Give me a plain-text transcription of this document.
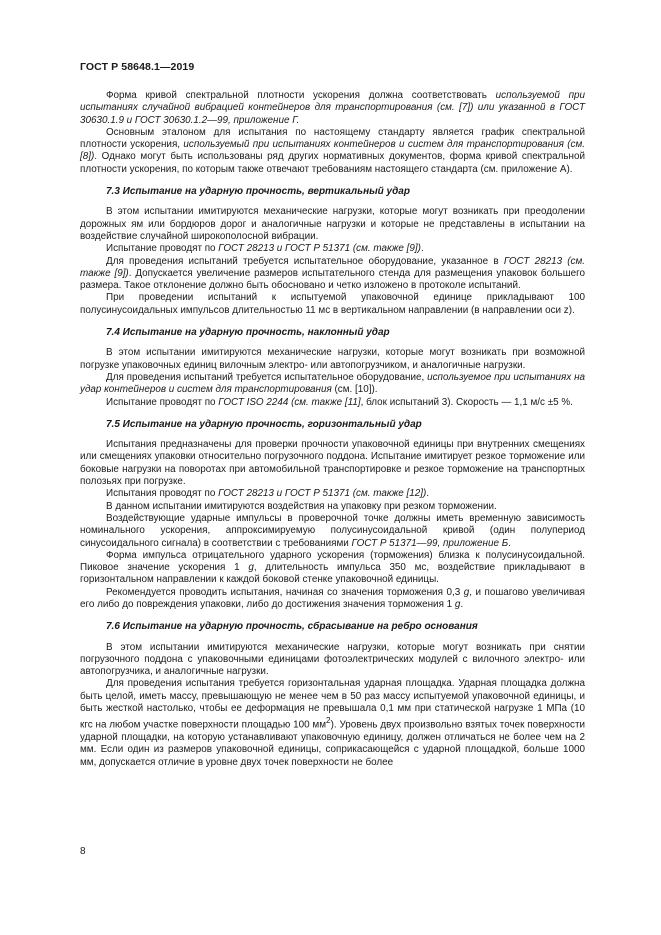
ГОСТ Р 58648.1—2019

Форма кривой спектральной плотности ускорения должна соответствовать используемой при испытаниях случайной вибрацией контейнеров для транспортирования (см. [7]) или указанной в ГОСТ 30630.1.9 и ГОСТ 30630.1.2—99, приложение Г.

Основным эталоном для испытания по настоящему стандарту является график спектральной плотности ускорения, используемый при испытаниях контейнеров и систем для транспортирования (см. [8]). Однако могут быть использованы ряд других нормативных документов, форма кривой спектральной плотности ускорения, по которым также отвечают требованиям настоящего стандарта (см. приложение А).

7.3 Испытание на ударную прочность, вертикальный удар

В этом испытании имитируются механические нагрузки, которые могут возникать при преодолении дорожных ям или бордюров дорог и аналогичные нагрузки и которые не представлены в испытании на воздействие случайной широкополосной вибрации.

Испытание проводят по ГОСТ 28213 и ГОСТ Р 51371 (см. также [9]).

Для проведения испытаний требуется испытательное оборудование, указанное в ГОСТ 28213 (см. также [9]). Допускается увеличение размеров испытательного стенда для размещения упаковок большего размера. Такое отклонение должно быть обосновано и четко изложено в протоколе испытаний.

При проведении испытаний к испытуемой упаковочной единице прикладывают 100 полусинусоидальных импульсов длительностью 11 мс в вертикальном направлении (в направлении оси z).

7.4 Испытание на ударную прочность, наклонный удар

В этом испытании имитируются механические нагрузки, которые могут возникать при возможной погрузке упаковочных единиц вилочным электро- или автопогрузчиком, и аналогичные нагрузки.

Для проведения испытаний требуется испытательное оборудование, используемое при испытаниях на удар контейнеров и систем для транспортирования (см. [10]).

Испытание проводят по ГОСТ ISO 2244 (см. также [11], блок испытаний 3). Скорость — 1,1 м/с ±5 %.

7.5 Испытание на ударную прочность, горизонтальный удар

Испытания предназначены для проверки прочности упаковочной единицы при внутренних смещениях или смещениях упаковки относительно погрузочного поддона. Испытание имитирует резкое торможение или боковые нагрузки на поворотах при автомобильной транспортировке и резкое торможение на транспортных полозьях при погрузке.

Испытания проводят по ГОСТ 28213 и ГОСТ Р 51371 (см. также [12]).

В данном испытании имитируются воздействия на упаковку при резком торможении.

Воздействующие ударные импульсы в проверочной точке должны иметь временную зависимость номинального ускорения, аппроксимируемую полусинусоидальной кривой (один полупериод синусоидального сигнала) в соответствии с требованиями ГОСТ Р 51371—99, приложение Б.

Форма импульса отрицательного ударного ускорения (торможения) близка к полусинусоидальной. Пиковое значение ускорения 1 g, длительность импульса 350 мс, воздействие прикладывают в горизонтальном направлении к каждой боковой стенке упаковочной единицы.

Рекомендуется проводить испытания, начиная со значения торможения 0,3 g, и пошагово увеличивая его либо до повреждения упаковки, либо до достижения значения торможения 1 g.

7.6 Испытание на ударную прочность, сбрасывание на ребро основания

В этом испытании имитируются механические нагрузки, которые могут возникать при снятии погрузочного поддона с упаковочными единицами фотоэлектрических модулей с вилочного электро- или автопогрузчика, и аналогичные нагрузки.

Для проведения испытания требуется горизонтальная ударная площадка. Ударная площадка должна быть целой, иметь массу, превышающую не менее чем в 50 раз массу испытуемой упаковочной единицы, и быть жесткой настолько, чтобы ее деформация не превышала 0,1 мм при статической нагрузке 1 МПа (10 кгс на любом участке поверхности площадью 100 $мм^2$). Уровень двух произвольно взятых точек поверхности ударной площадки, на которую устанавливают упаковочную единицу, должен отличаться не более чем на 2 мм. Если один из размеров упаковочной единицы, соприкасающейся с ударной площадкой, больше 1000 мм, допускается отличие в уровне двух точек поверхности не более

8
